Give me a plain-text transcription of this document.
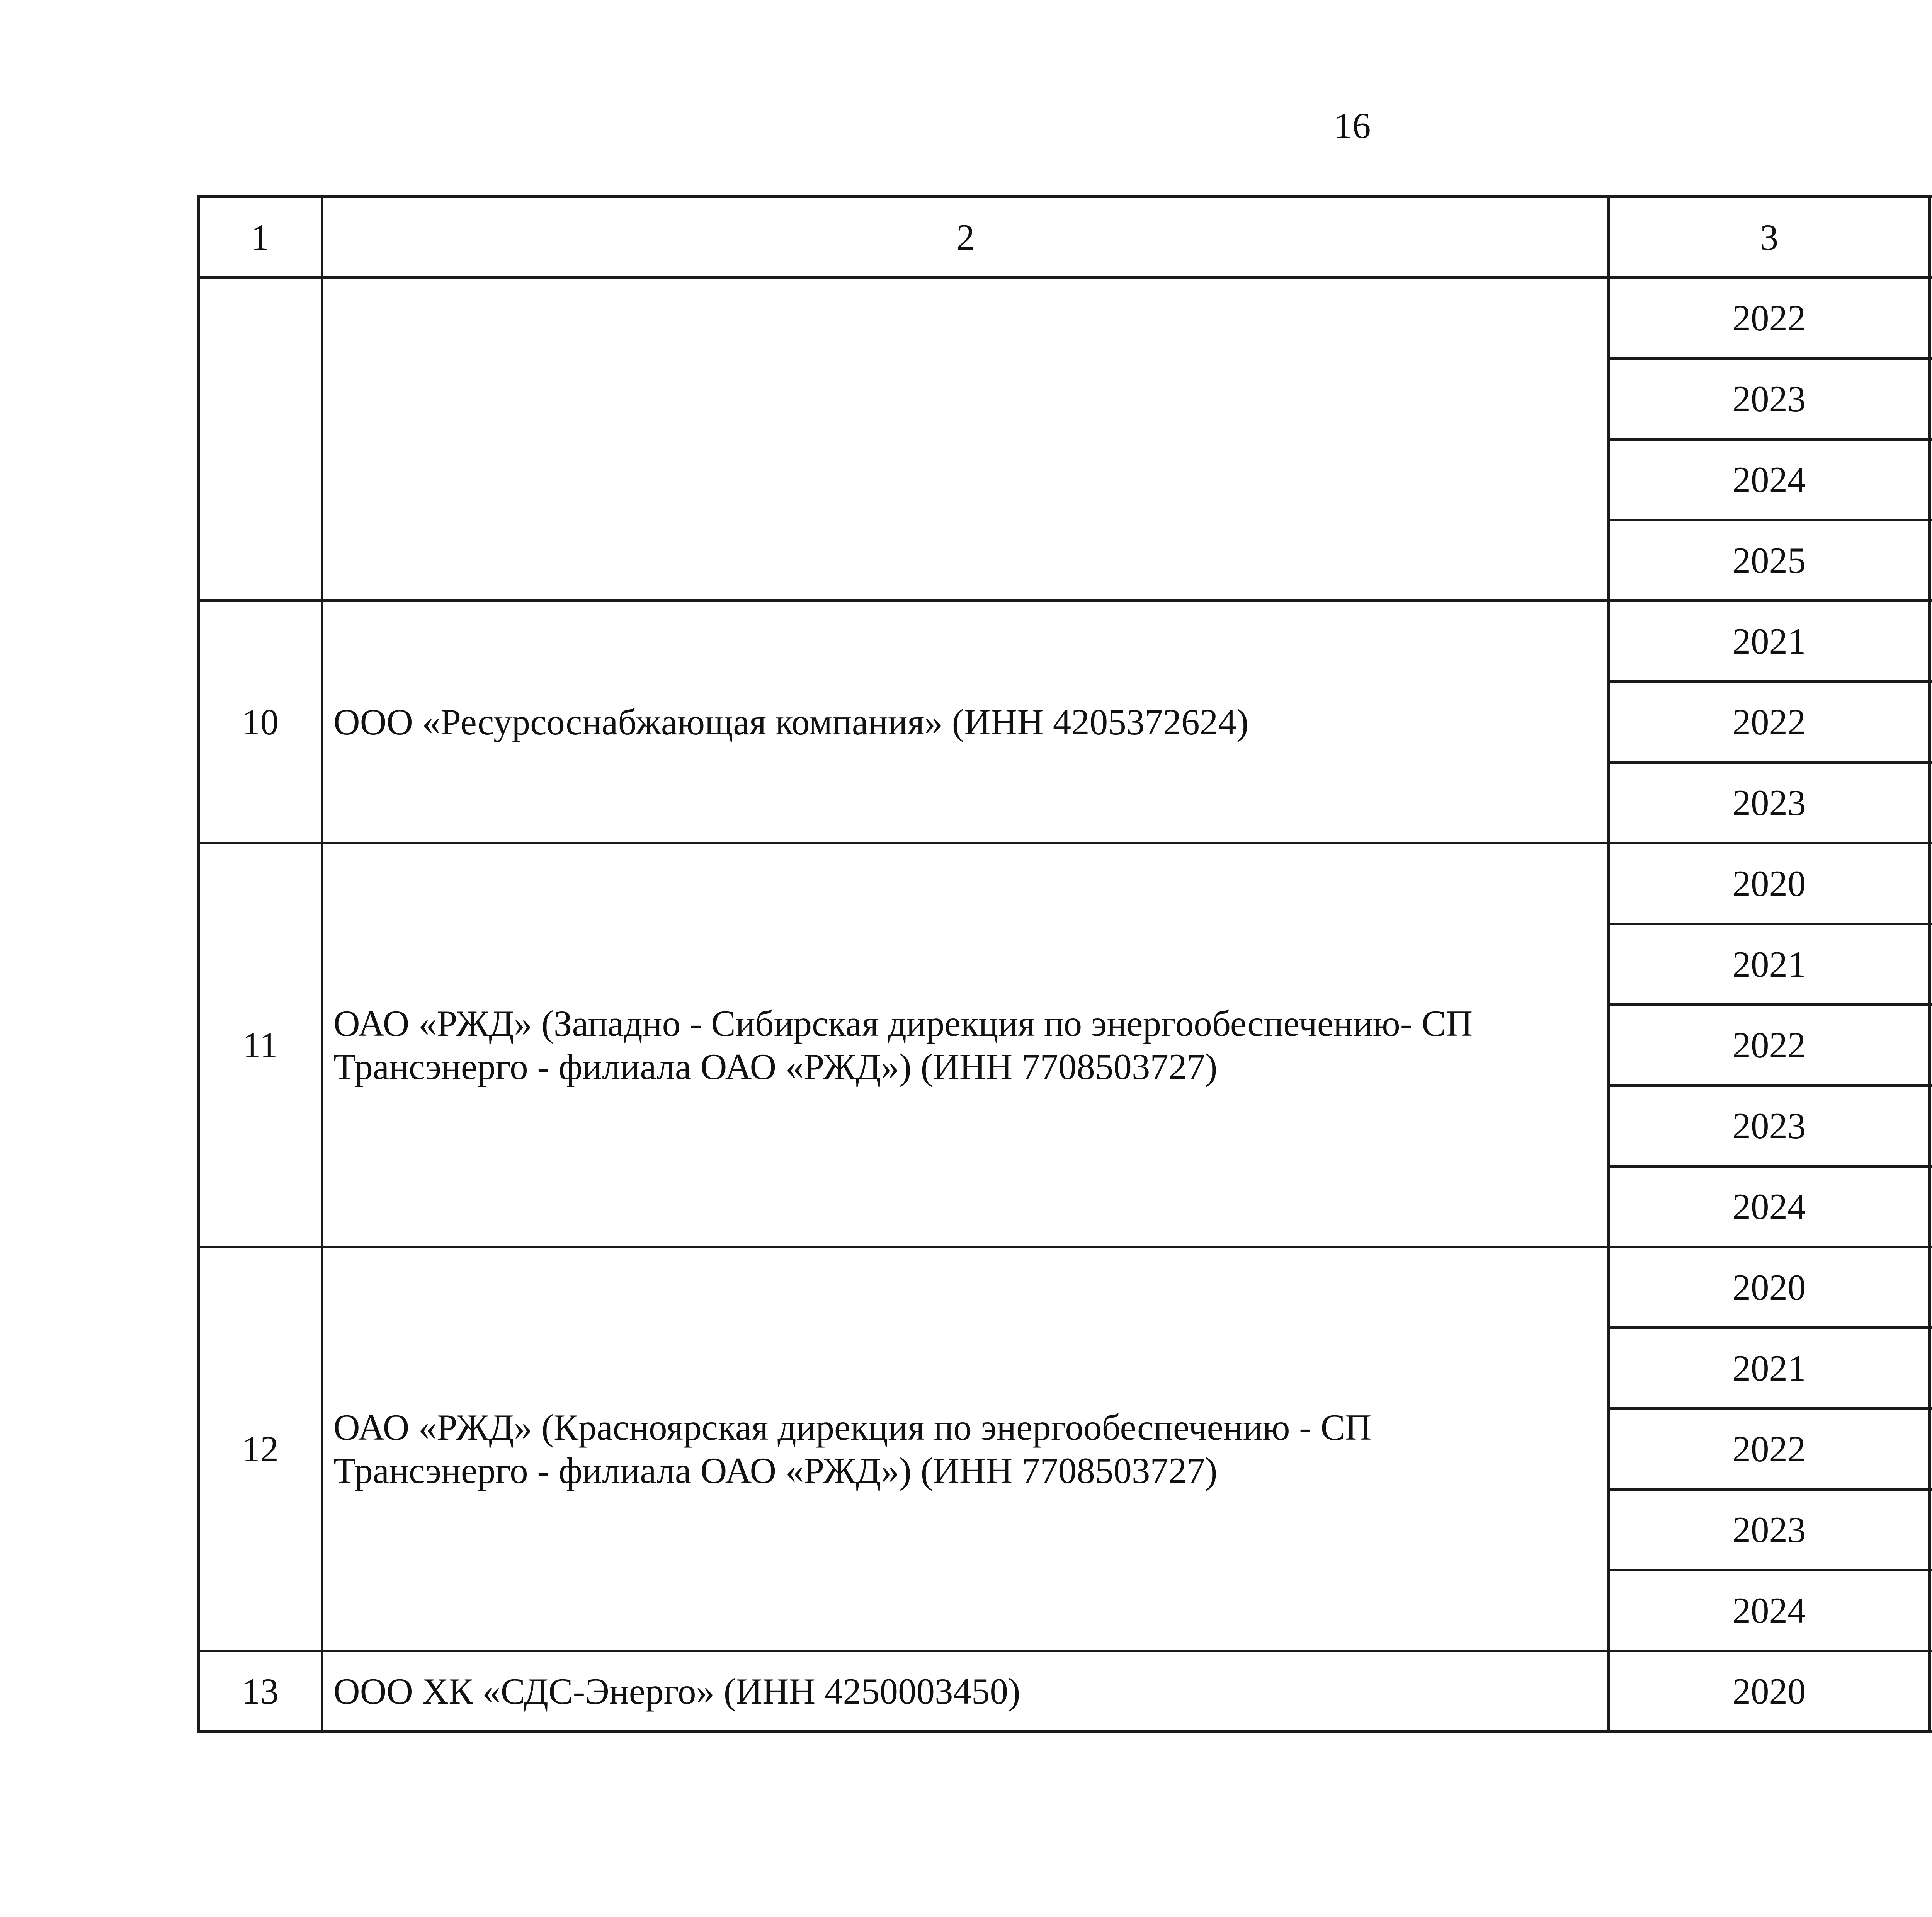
16
1	2	3	
		2022	
		2023	
		2024	
		2025	
10	ООО «Ресурсоснабжающая компания» (ИНН 4205372624)	2021	
		2022	
		2023	
11	ОАО «РЖД» (Западно - Сибирская дирекция по энергообеспечению- СП
Трансэнерго - филиала ОАО «РЖД») (ИНН 7708503727)	2020	
		2021	
		2022	
		2023	
		2024	
12	ОАО «РЖД» (Красноярская дирекция по энергообеспечению - СП
Трансэнерго - филиала ОАО «РЖД») (ИНН 7708503727)	2020	
		2021	
		2022	
		2023	
		2024	
13	ООО ХК «СДС-Энерго» (ИНН 4250003450)	2020	
